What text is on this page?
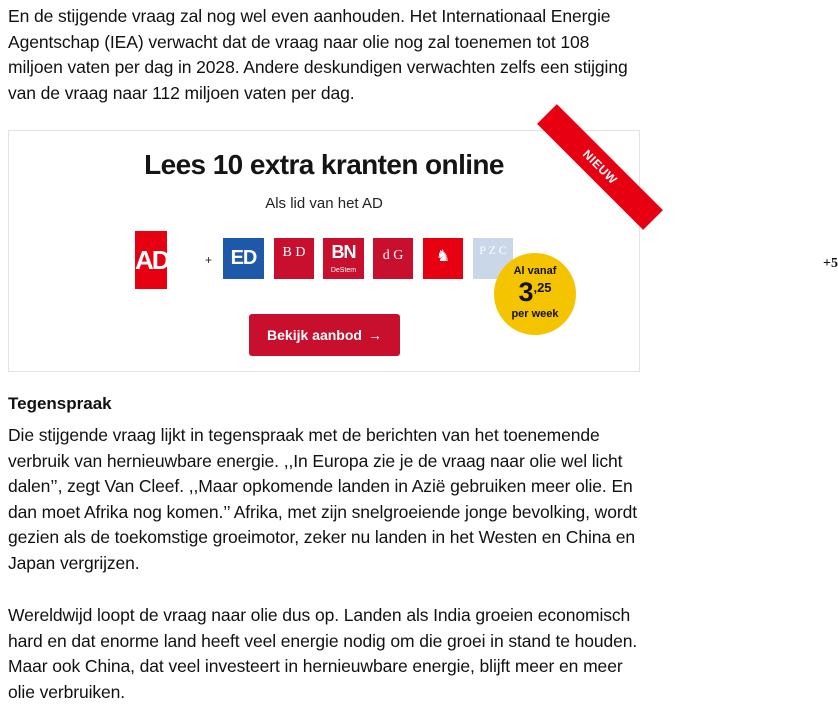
En de stijgende vraag zal nog wel even aanhouden. Het Internationaal Energie Agentschap (IEA) verwacht dat de vraag naar olie nog zal toenemen tot 108 miljoen vaten per dag in 2028. Andere deskundigen verwachten zelfs een stijging van de vraag naar 112 miljoen vaten per dag.

NIEUW
Lees 10 extra kranten online
Als lid van het AD
AD	+ ED	B D	BN
DeStem
d G	♞	P Z C
+5
Al vanaf
$3^{,25}$
per week
Bekijk aanbod →
Tegenspraak

Die stijgende vraag lijkt in tegenspraak met de berichten van het toenemende verbruik van hernieuwbare energie. ,,In Europa zie je de vraag naar olie wel licht dalen’’, zegt Van Cleef. ,,Maar opkomende landen in Azië gebruiken meer olie. En dan moet Afrika nog komen.’’ Afrika, met zijn snelgroeiende jonge bevolking, wordt gezien als de toekomstige groeimotor, zeker nu landen in het Westen en China en Japan vergrijzen.

Wereldwijd loopt de vraag naar olie dus op. Landen als India groeien economisch hard en dat enorme land heeft veel energie nodig om die groei in stand te houden. Maar ook China, dat veel investeert in hernieuwbare energie, blijft meer en meer olie verbruiken.
